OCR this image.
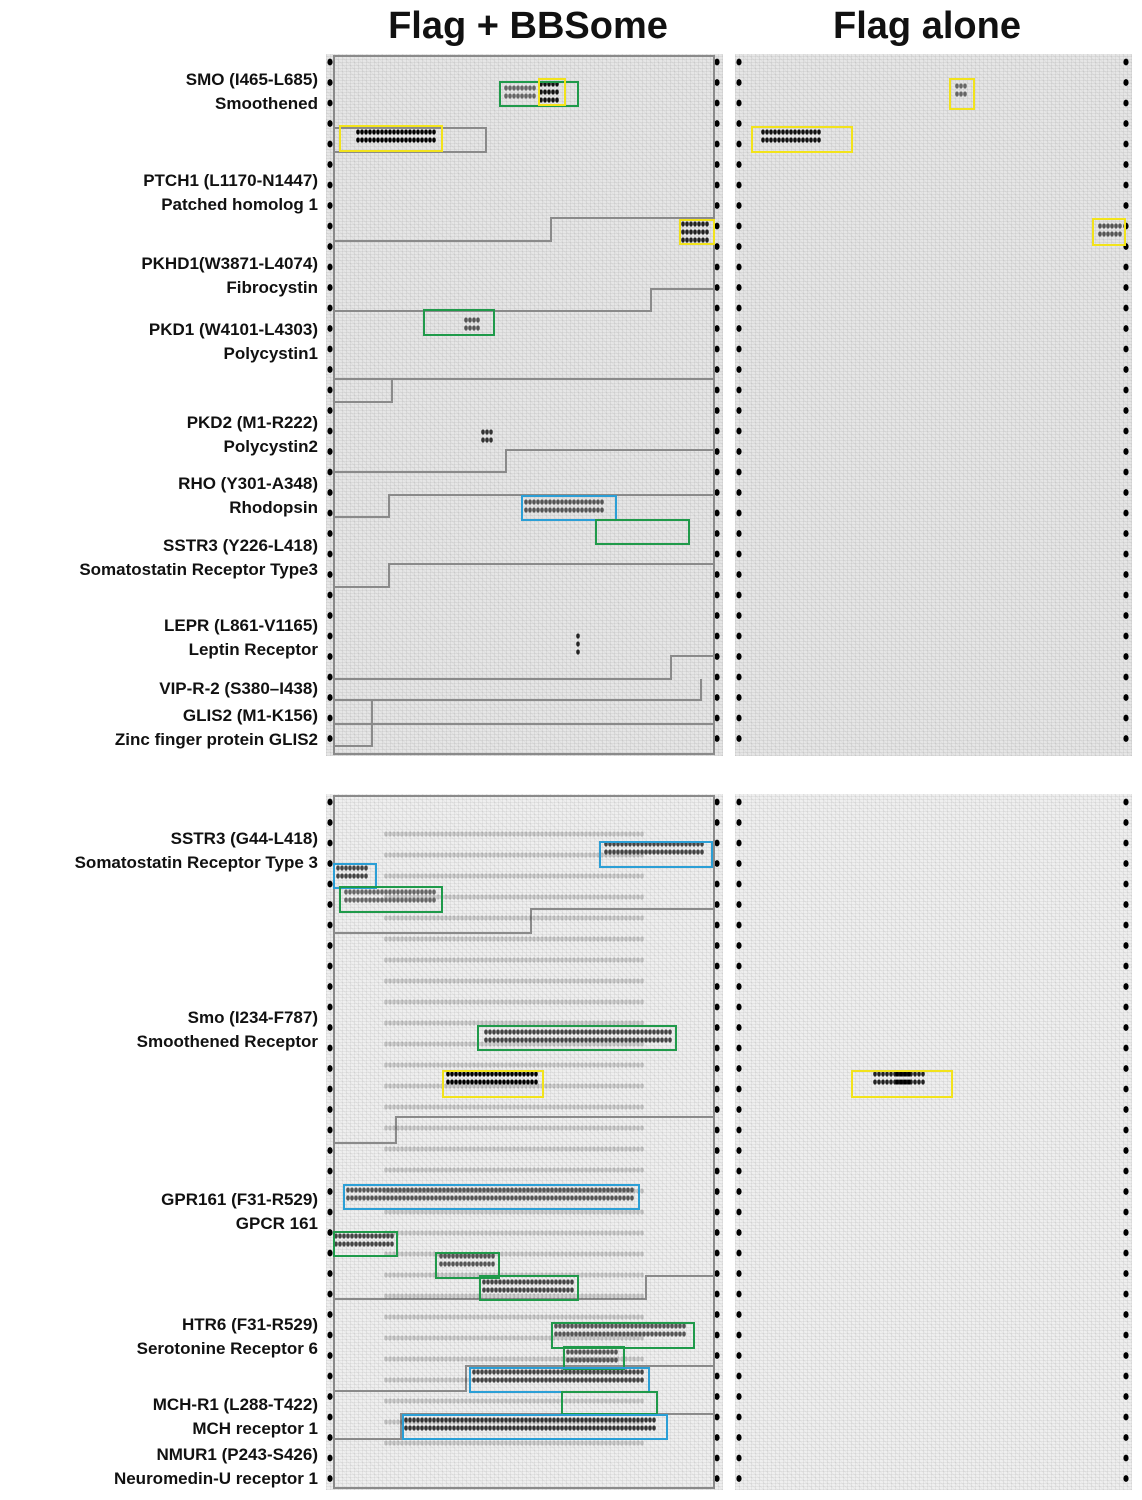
Flag + BBSome	Flag alone
SMO (I465-L685)
Smoothened
PTCH1 (L1170-N1447)
Patched homolog 1
PKHD1(W3871-L4074)
Fibrocystin
PKD1 (W4101-L4303)
Polycystin1
PKD2 (M1-R222)
Polycystin2
RHO (Y301-A348)
Rhodopsin
SSTR3 (Y226-L418)
Somatostatin Receptor Type3
LEPR (L861-V1165)
Leptin Receptor
VIP-R-2 (S380–I438)
GLIS2 (M1-K156)
Zinc finger protein GLIS2
SSTR3 (G44-L418)
Somatostatin Receptor Type 3
Smo (I234-F787)
Smoothened Receptor
GPR161 (F31-R529)
GPCR 161
HTR6 (F31-R529)
Serotonine Receptor 6
MCH-R1 (L288-T422)
MCH receptor 1
NMUR1 (P243-S426)
Neuromedin-U receptor 1
